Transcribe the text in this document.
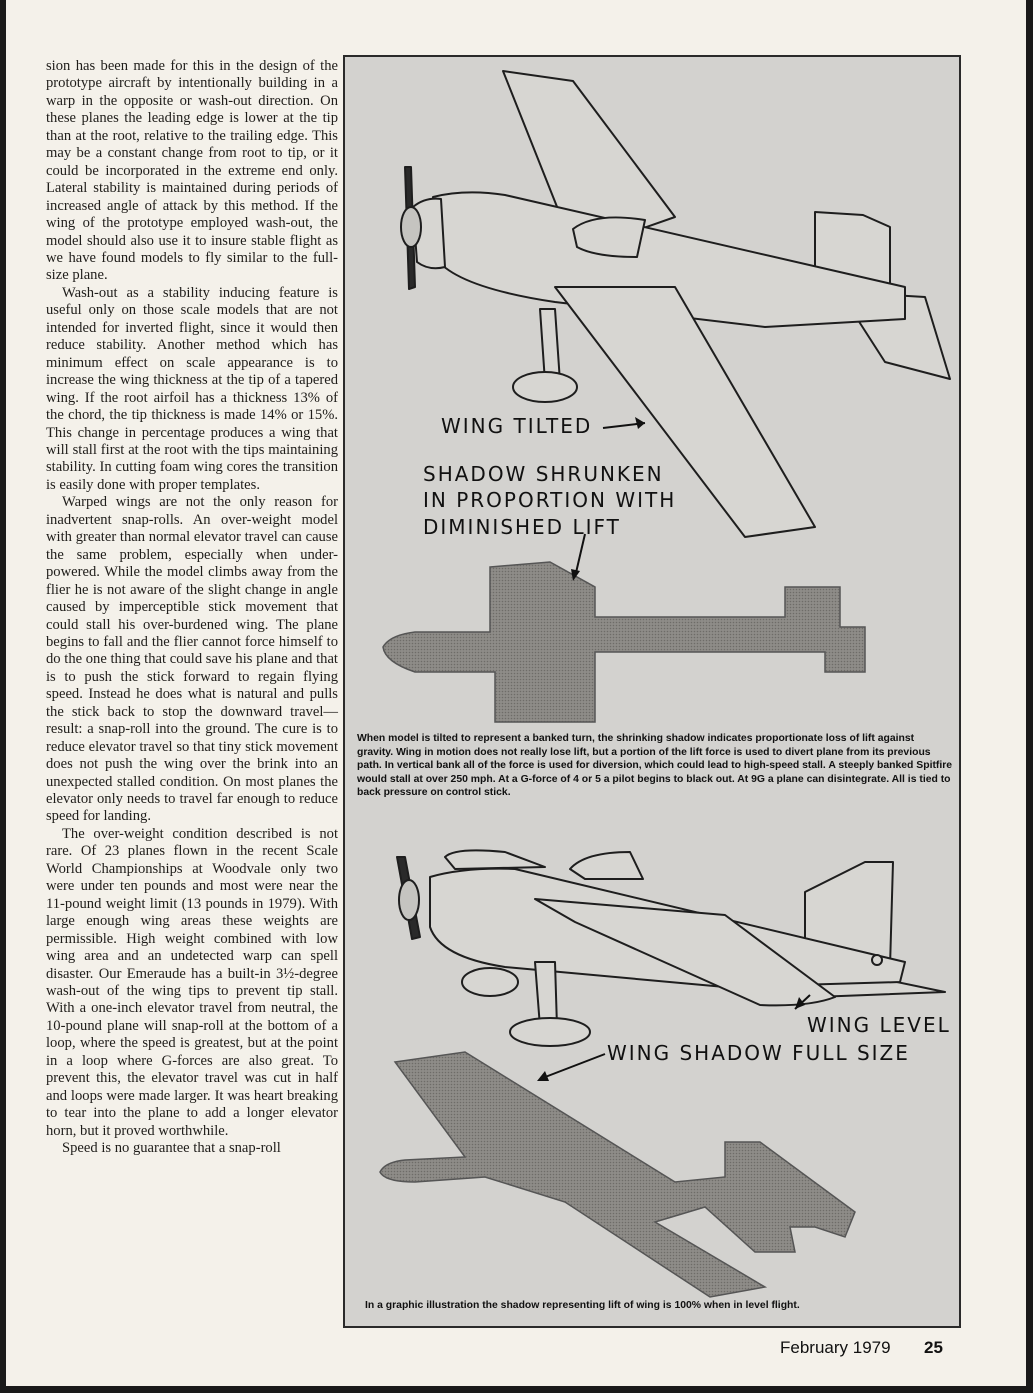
sion has been made for this in the design of the prototype aircraft by intentionally building in a warp in the opposite or wash-out direction. On these planes the leading edge is lower at the tip than at the root, relative to the trailing edge. This may be a constant change from root to tip, or it could be incorporated in the extreme end only. Lateral stability is maintained during periods of increased angle of attack by this method. If the wing of the prototype employed wash-out, the model should also use it to insure stable flight as we have found models to fly similar to the full-size plane.

Wash-out as a stability inducing feature is useful only on those scale models that are not intended for inverted flight, since it would then reduce stability. Another method which has minimum effect on scale appearance is to increase the wing thickness at the tip of a tapered wing. If the root airfoil has a thickness 13% of the chord, the tip thickness is made 14% or 15%. This change in percentage produces a wing that will stall first at the root with the tips maintaining stability. In cutting foam wing cores the transition is easily done with proper templates.

Warped wings are not the only reason for inadvertent snap-rolls. An over-weight model with greater than normal elevator travel can cause the same problem, especially when under-powered. While the model climbs away from the flier he is not aware of the slight change in angle caused by imperceptible stick movement that could stall his over-burdened wing. The plane begins to fall and the flier cannot force himself to do the one thing that could save his plane and that is to push the stick forward to regain flying speed. Instead he does what is natural and pulls the stick back to stop the downward travel— result: a snap-roll into the ground. The cure is to reduce elevator travel so that tiny stick movement does not push the wing over the brink into an unexpected stalled condition. On most planes the elevator only needs to travel far enough to reduce speed for landing.

The over-weight condition described is not rare. Of 23 planes flown in the recent Scale World Championships at Woodvale only two were under ten pounds and most were near the 11-pound weight limit (13 pounds in 1979). With large enough wing areas these weights are permissible. High weight combined with low wing area and an undetected warp can spell disaster. Our Emeraude has a built-in 3½-degree wash-out of the wing tips to prevent tip stall. With a one-inch elevator travel from neutral, the 10-pound plane will snap-roll at the bottom of a loop, where the speed is greatest, but at the point in a loop where G-forces are also great. To prevent this, the elevator travel was cut in half and loops were made larger. It was heart breaking to tear into the plane to add a longer elevator horn, but it proved worthwhile.

Speed is no guarantee that a snap-roll

WING TILTED
SHADOW SHRUNKEN
IN PROPORTION WITH
DIMINISHED LIFT
When model is tilted to represent a banked turn, the shrinking shadow indicates proportionate loss of lift against gravity. Wing in motion does not really lose lift, but a portion of the lift force is used to divert plane from its previous path. In vertical bank all of the force is used for diversion, which could lead to high-speed stall. A steeply banked Spitfire would stall at over 250 mph. At a G-force of 4 or 5 a pilot begins to black out. At 9G a plane can disintegrate. All is tied to back pressure on control stick.
WING LEVEL
WING SHADOW FULL SIZE
In a graphic illustration the shadow representing lift of wing is 100% when in level flight.
February 1979 25
